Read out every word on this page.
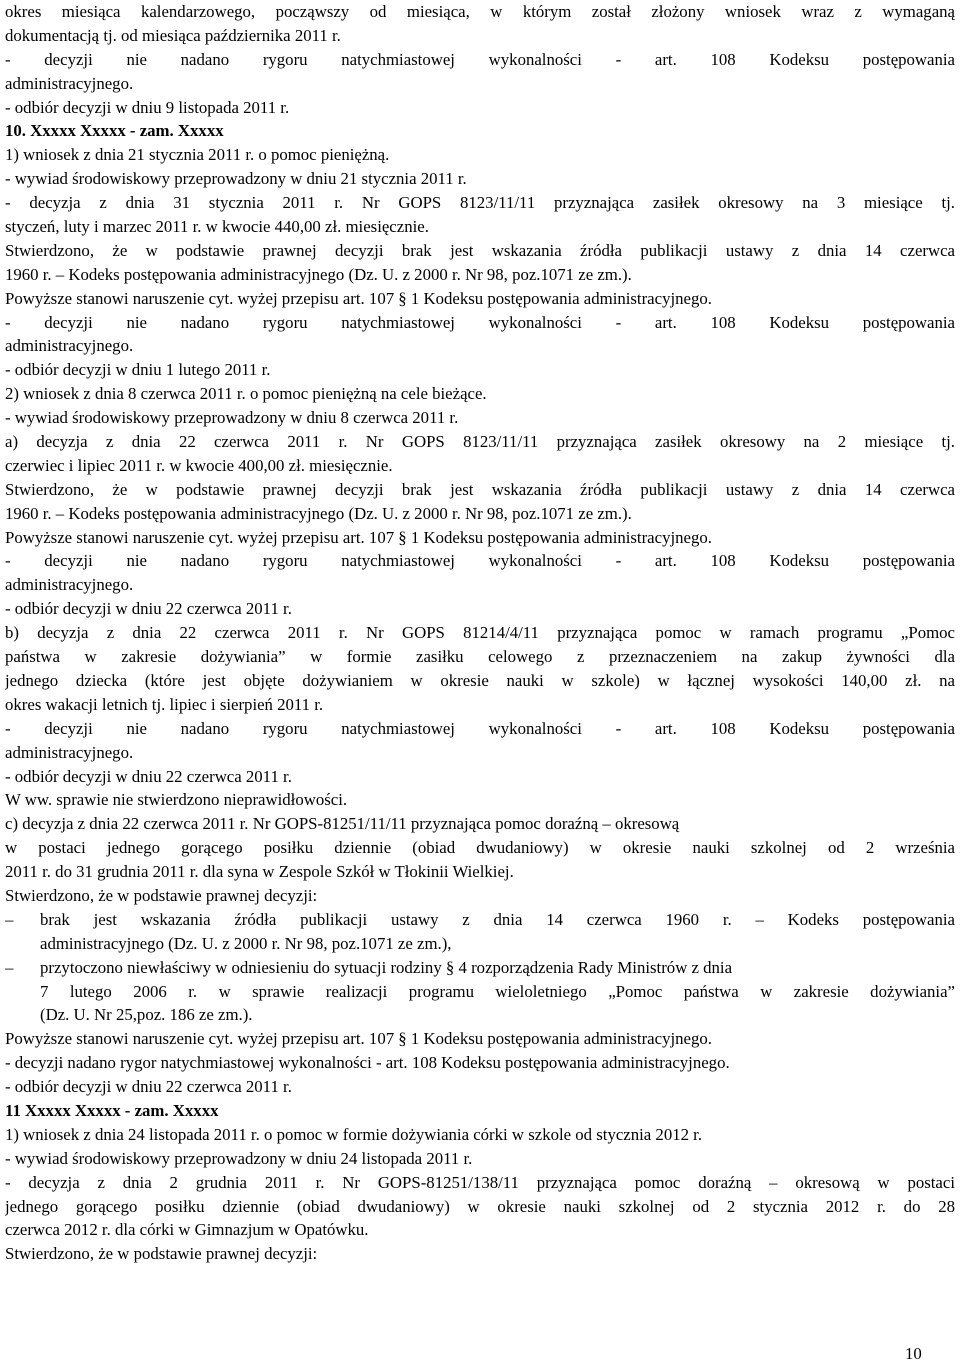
okres miesiąca kalendarzowego, począwszy od miesiąca, w którym został złożony wniosek wraz z wymaganą
dokumentacją tj. od miesiąca października 2011 r.
- decyzji nie nadano rygoru natychmiastowej wykonalności - art. 108 Kodeksu postępowania
administracyjnego.
- odbiór decyzji w dniu 9 listopada 2011 r.
10. Xxxxx Xxxxx - zam. Xxxxx
1) wniosek z dnia 21 stycznia 2011 r. o pomoc pieniężną.
- wywiad środowiskowy przeprowadzony w dniu 21 stycznia 2011 r.
- decyzja z dnia 31 stycznia 2011 r. Nr GOPS 8123/11/11 przyznająca zasiłek okresowy na 3 miesiące tj.
styczeń, luty i marzec 2011 r. w kwocie 440,00 zł. miesięcznie.
Stwierdzono, że w podstawie prawnej decyzji brak jest wskazania źródła publikacji ustawy z dnia 14 czerwca
1960 r. – Kodeks postępowania administracyjnego (Dz. U. z 2000 r. Nr 98, poz.1071 ze zm.).
Powyższe stanowi naruszenie cyt. wyżej przepisu art. 107 § 1 Kodeksu postępowania administracyjnego.
- decyzji nie nadano rygoru natychmiastowej wykonalności - art. 108 Kodeksu postępowania
administracyjnego.
- odbiór decyzji w dniu 1 lutego 2011 r.
2) wniosek z dnia 8 czerwca 2011 r. o pomoc pieniężną na cele bieżące.
- wywiad środowiskowy przeprowadzony w dniu 8 czerwca 2011 r.
a) decyzja z dnia 22 czerwca 2011 r. Nr GOPS 8123/11/11 przyznająca zasiłek okresowy na 2 miesiące tj.
czerwiec i lipiec 2011 r. w kwocie 400,00 zł. miesięcznie.
Stwierdzono, że w podstawie prawnej decyzji brak jest wskazania źródła publikacji ustawy z dnia 14 czerwca
1960 r. – Kodeks postępowania administracyjnego (Dz. U. z 2000 r. Nr 98, poz.1071 ze zm.).
Powyższe stanowi naruszenie cyt. wyżej przepisu art. 107 § 1 Kodeksu postępowania administracyjnego.
- decyzji nie nadano rygoru natychmiastowej wykonalności - art. 108 Kodeksu postępowania
administracyjnego.
- odbiór decyzji w dniu 22 czerwca 2011 r.
b) decyzja z dnia 22 czerwca 2011 r. Nr GOPS 81214/4/11 przyznająca pomoc w ramach programu „Pomoc
państwa w zakresie dożywiania” w formie zasiłku celowego z przeznaczeniem na zakup żywności dla
jednego dziecka (które jest objęte dożywianiem w okresie nauki w szkole) w łącznej wysokości 140,00 zł. na
okres wakacji letnich tj. lipiec i sierpień 2011 r.
- decyzji nie nadano rygoru natychmiastowej wykonalności - art. 108 Kodeksu postępowania
administracyjnego.
- odbiór decyzji w dniu 22 czerwca 2011 r.
W ww. sprawie nie stwierdzono nieprawidłowości.
c) decyzja z dnia 22 czerwca 2011 r. Nr GOPS-81251/11/11 przyznająca pomoc doraźną – okresową
w postaci jednego gorącego posiłku dziennie (obiad dwudaniowy) w okresie nauki szkolnej od 2 września
2011 r. do 31 grudnia 2011 r. dla syna w Zespole Szkół w Tłokinii Wielkiej.
Stwierdzono, że w podstawie prawnej decyzji:
– brak jest wskazania źródła publikacji ustawy z dnia 14 czerwca 1960 r. – Kodeks postępowania
administracyjnego (Dz. U. z 2000 r. Nr 98, poz.1071 ze zm.),
– przytoczono niewłaściwy w odniesieniu do sytuacji rodziny § 4 rozporządzenia Rady Ministrów z dnia
7 lutego 2006 r. w sprawie realizacji programu wieloletniego „Pomoc państwa w zakresie dożywiania”
(Dz. U. Nr 25,poz. 186 ze zm.).
Powyższe stanowi naruszenie cyt. wyżej przepisu art. 107 § 1 Kodeksu postępowania administracyjnego.
- decyzji nadano rygor natychmiastowej wykonalności - art. 108 Kodeksu postępowania administracyjnego.
- odbiór decyzji w dniu 22 czerwca 2011 r.
11 Xxxxx Xxxxx - zam. Xxxxx
1) wniosek z dnia 24 listopada 2011 r. o pomoc w formie dożywiania córki w szkole od stycznia 2012 r.
- wywiad środowiskowy przeprowadzony w dniu 24 listopada 2011 r.
- decyzja z dnia 2 grudnia 2011 r. Nr GOPS-81251/138/11 przyznająca pomoc doraźną – okresową w postaci
jednego gorącego posiłku dziennie (obiad dwudaniowy) w okresie nauki szkolnej od 2 stycznia 2012 r. do 28
czerwca 2012 r. dla córki w Gimnazjum w Opatówku.
Stwierdzono, że w podstawie prawnej decyzji:
10
